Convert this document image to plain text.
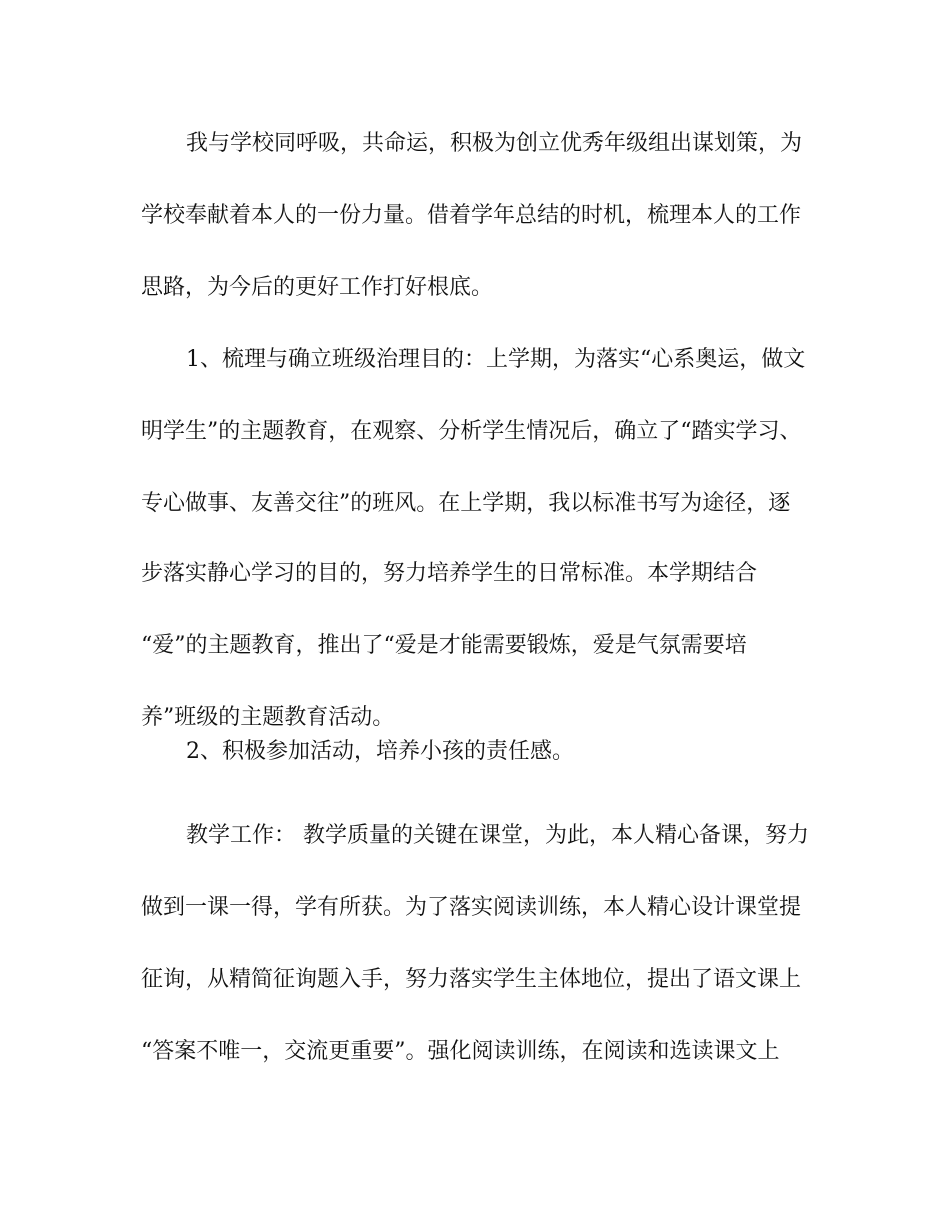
我与学校同呼吸，共命运，积极为创立优秀年级组出谋划策，为

学校奉献着本人的一份力量。借着学年总结的时机，梳理本人的工作

思路，为今后的更好工作打好根底。

1、梳理与确立班级治理目的：上学期，为落实“心系奥运，做文

明学生”的主题教育，在观察、分析学生情况后，确立了“踏实学习、

专心做事、友善交往”的班风。在上学期，我以标准书写为途径，逐

步落实静心学习的目的，努力培养学生的日常标准。本学期结合

“爱”的主题教育，推出了“爱是才能需要锻炼，爱是气氛需要培

养”班级的主题教育活动。

2、积极参加活动，培养小孩的责任感。

教学工作： 教学质量的关键在课堂，为此，本人精心备课，努力

做到一课一得，学有所获。为了落实阅读训练，本人精心设计课堂提

征询，从精简征询题入手，努力落实学生主体地位，提出了语文课上

“答案不唯一，交流更重要”。强化阅读训练，在阅读和选读课文上
